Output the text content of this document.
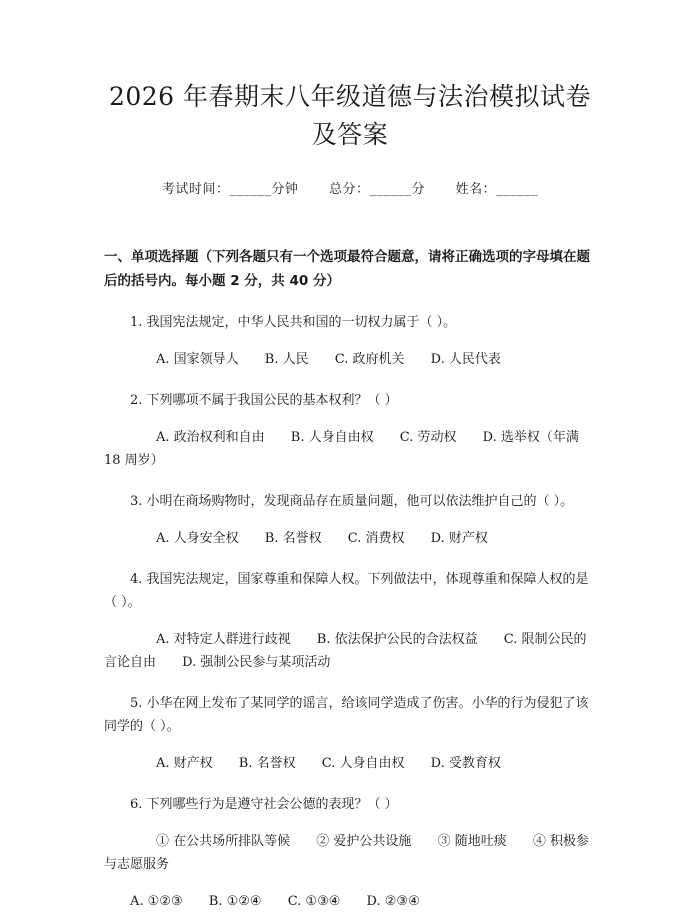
2026 年春期末八年级道德与法治模拟试卷及答案
考试时间：______分钟 总分：______分 姓名：______
一、单项选择题（下列各题只有一个选项最符合题意，请将正确选项的字母填在题后的括号内。每小题 2 分，共 40 分）
1. 我国宪法规定，中华人民共和国的一切权力属于（ ）。
A. 国家领导人 B. 人民 C. 政府机关 D. 人民代表
2. 下列哪项不属于我国公民的基本权利？（ ）
A. 政治权利和自由 B. 人身自由权 C. 劳动权 D. 选举权（年满 18 周岁）
3. 小明在商场购物时，发现商品存在质量问题，他可以依法维护自己的（ ）。
A. 人身安全权 B. 名誉权 C. 消费权 D. 财产权
4. 我国宪法规定，国家尊重和保障人权。下列做法中，体现尊重和保障人权的是（ ）。
A. 对特定人群进行歧视 B. 依法保护公民的合法权益 C. 限制公民的言论自由 D. 强制公民参与某项活动
5. 小华在网上发布了某同学的谣言，给该同学造成了伤害。小华的行为侵犯了该同学的（ ）。
A. 财产权 B. 名誉权 C. 人身自由权 D. 受教育权
6. 下列哪些行为是遵守社会公德的表现？（ ）
① 在公共场所排队等候 ② 爱护公共设施 ③ 随地吐痰 ④ 积极参与志愿服务
A. ①②③ B. ①②④ C. ①③④ D. ②③④
